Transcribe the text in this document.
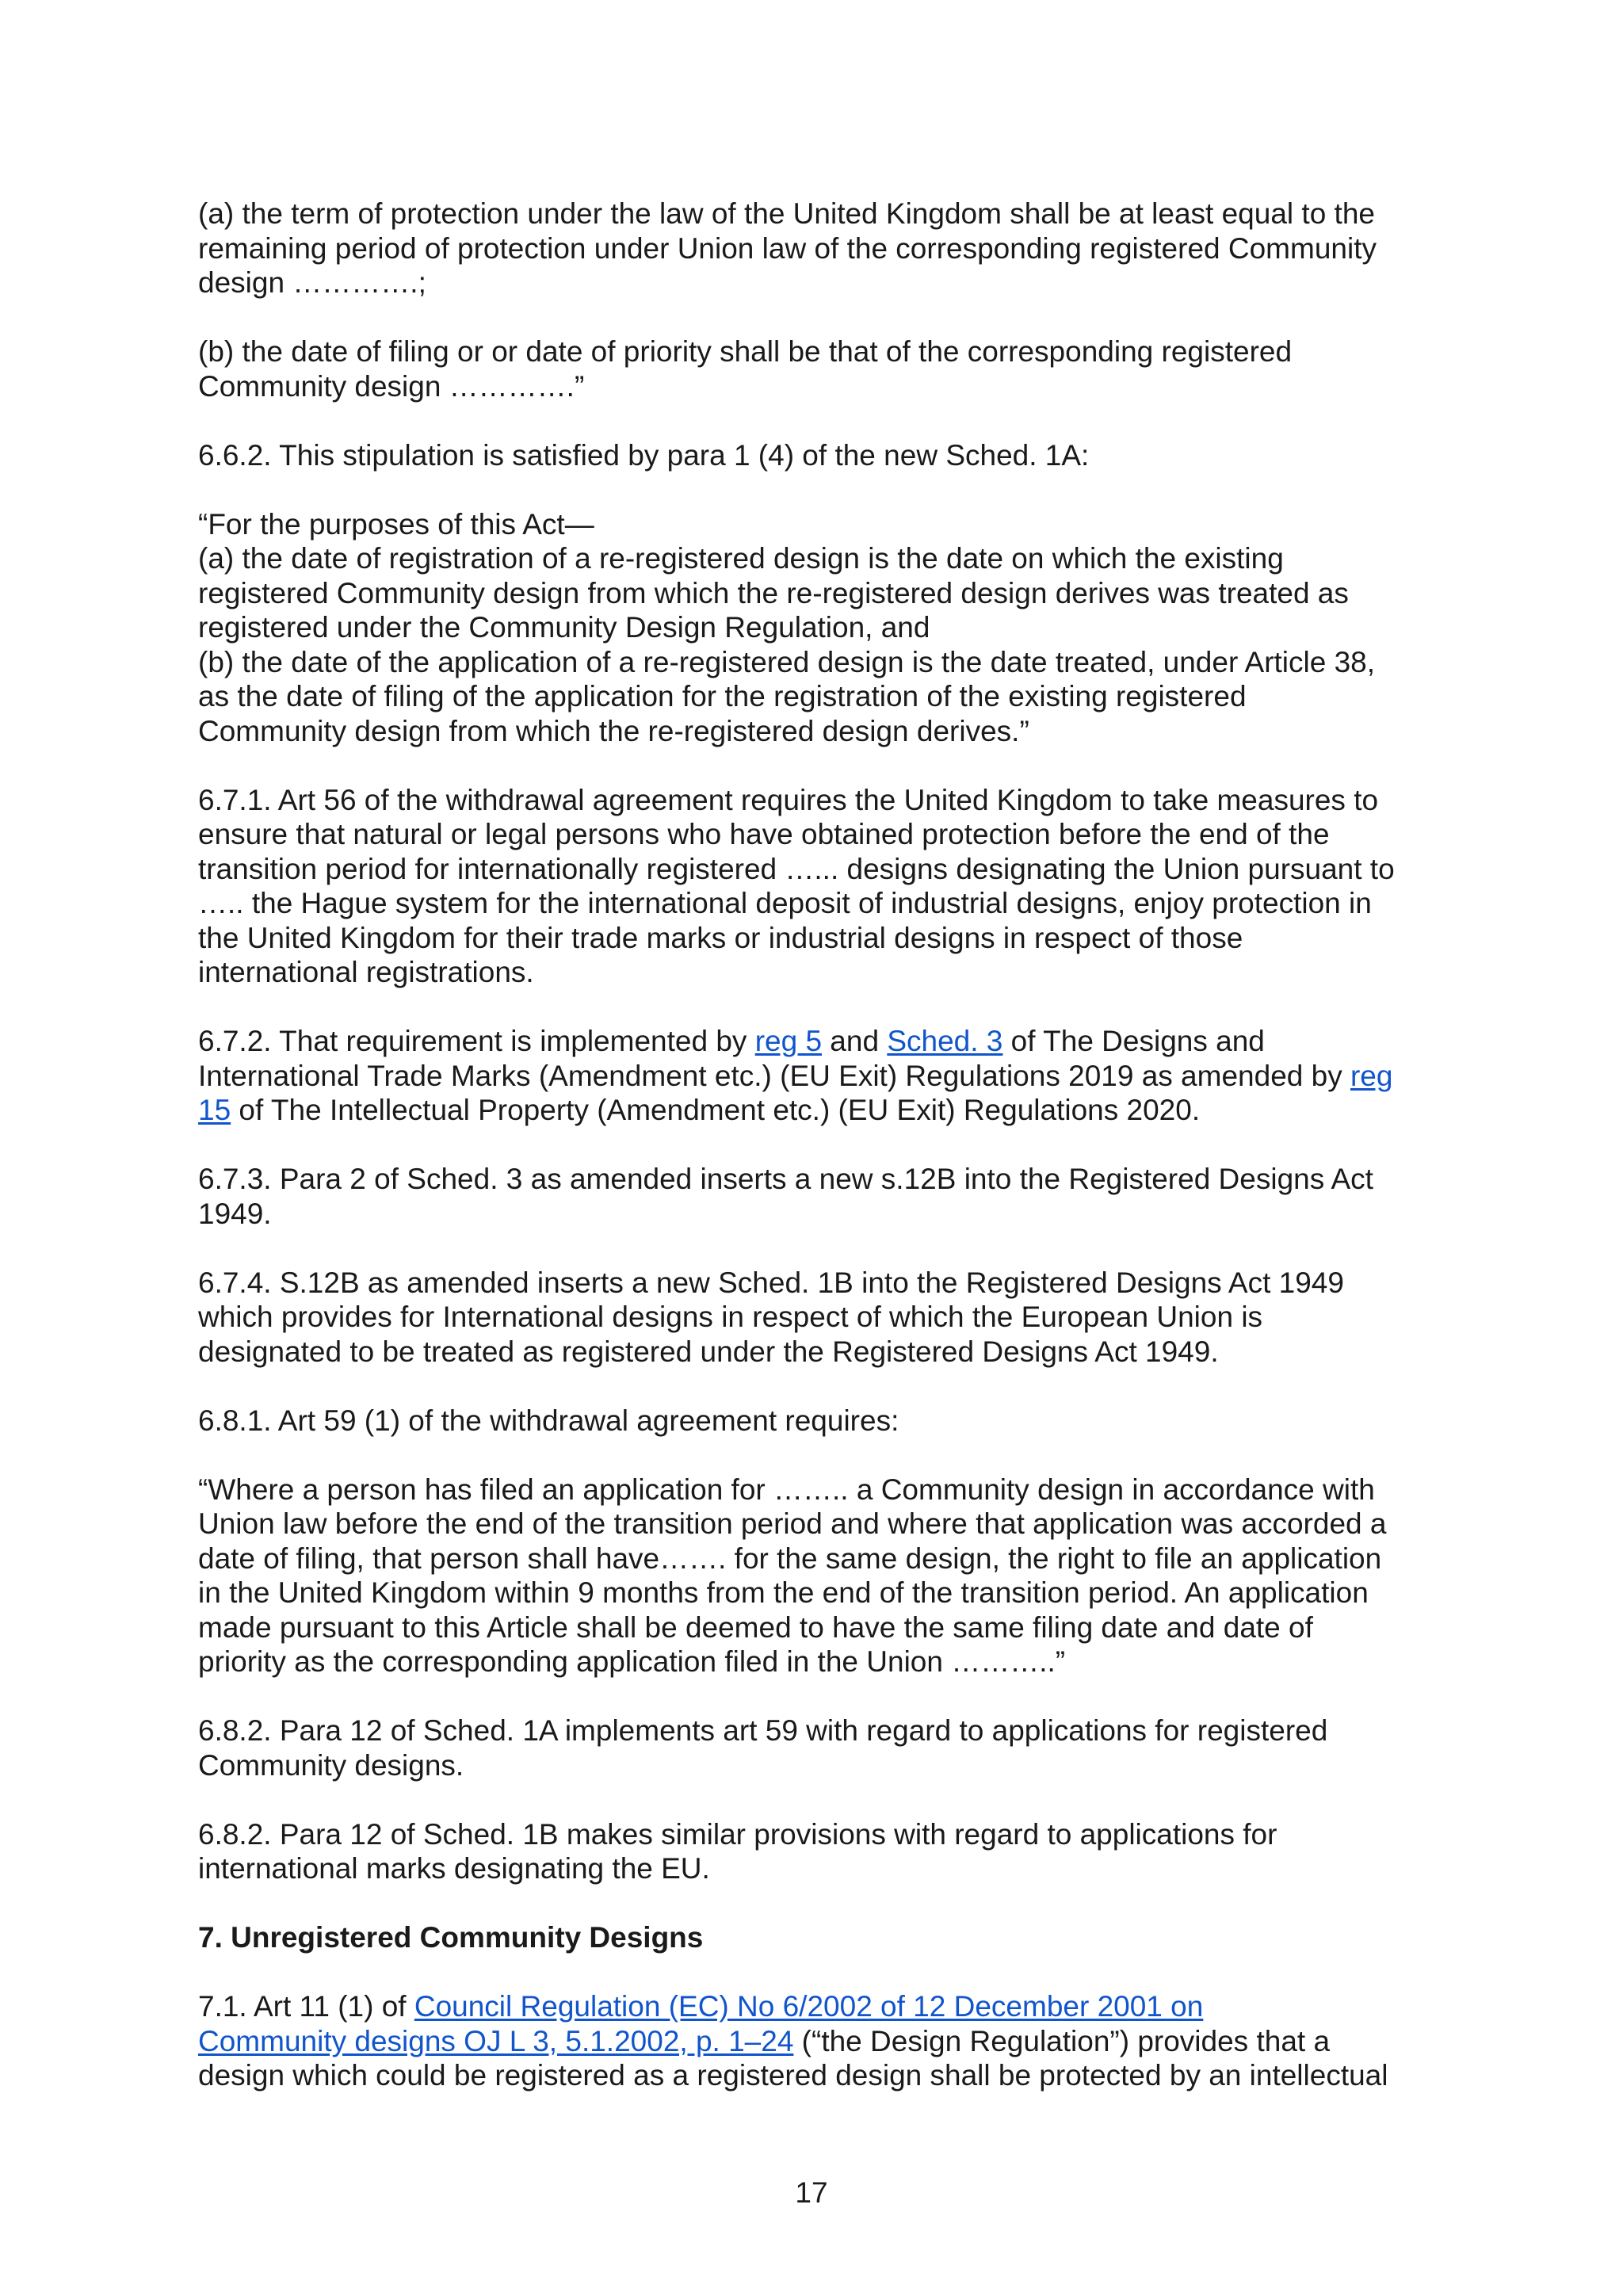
(a) the term of protection under the law of the United Kingdom shall be at least equal to the
remaining period of protection under Union law of the corresponding registered Community
design ………….;
(b) the date of filing or or date of priority shall be that of the corresponding registered
Community design ………….”
6.6.2. This stipulation is satisfied by para 1 (4) of the new Sched. 1A:
“For the purposes of this Act—
(a) the date of registration of a re-registered design is the date on which the existing
registered Community design from which the re-registered design derives was treated as
registered under the Community Design Regulation, and
(b) the date of the application of a re-registered design is the date treated, under Article 38,
as the date of filing of the application for the registration of the existing registered
Community design from which the re-registered design derives.”
6.7.1. Art 56 of the withdrawal agreement requires the United Kingdom to take measures to
ensure that natural or legal persons who have obtained protection before the end of the
transition period for internationally registered …... designs designating the Union pursuant to
….. the Hague system for the international deposit of industrial designs, enjoy protection in
the United Kingdom for their trade marks or industrial designs in respect of those
international registrations.
6.7.2. That requirement is implemented by reg 5 and Sched. 3 of The Designs and
International Trade Marks (Amendment etc.) (EU Exit) Regulations 2019 as amended by reg
15 of The Intellectual Property (Amendment etc.) (EU Exit) Regulations 2020.
6.7.3. Para 2 of Sched. 3 as amended inserts a new s.12B into the Registered Designs Act
1949.
6.7.4. S.12B as amended inserts a new Sched. 1B into the Registered Designs Act 1949
which provides for International designs in respect of which the European Union is
designated to be treated as registered under the Registered Designs Act 1949.
6.8.1. Art 59 (1) of the withdrawal agreement requires:
“Where a person has filed an application for …….. a Community design in accordance with
Union law before the end of the transition period and where that application was accorded a
date of filing, that person shall have……. for the same design, the right to file an application
in the United Kingdom within 9 months from the end of the transition period. An application
made pursuant to this Article shall be deemed to have the same filing date and date of
priority as the corresponding application filed in the Union ………..”
6.8.2. Para 12 of Sched. 1A implements art 59 with regard to applications for registered
Community designs.
6.8.2. Para 12 of Sched. 1B makes similar provisions with regard to applications for
international marks designating the EU.
7. Unregistered Community Designs
7.1. Art 11 (1) of Council Regulation (EC) No 6/2002 of 12 December 2001 on
Community designs OJ L 3, 5.1.2002, p. 1–24 (“the Design Regulation”) provides that a
design which could be registered as a registered design shall be protected by an intellectual
17
